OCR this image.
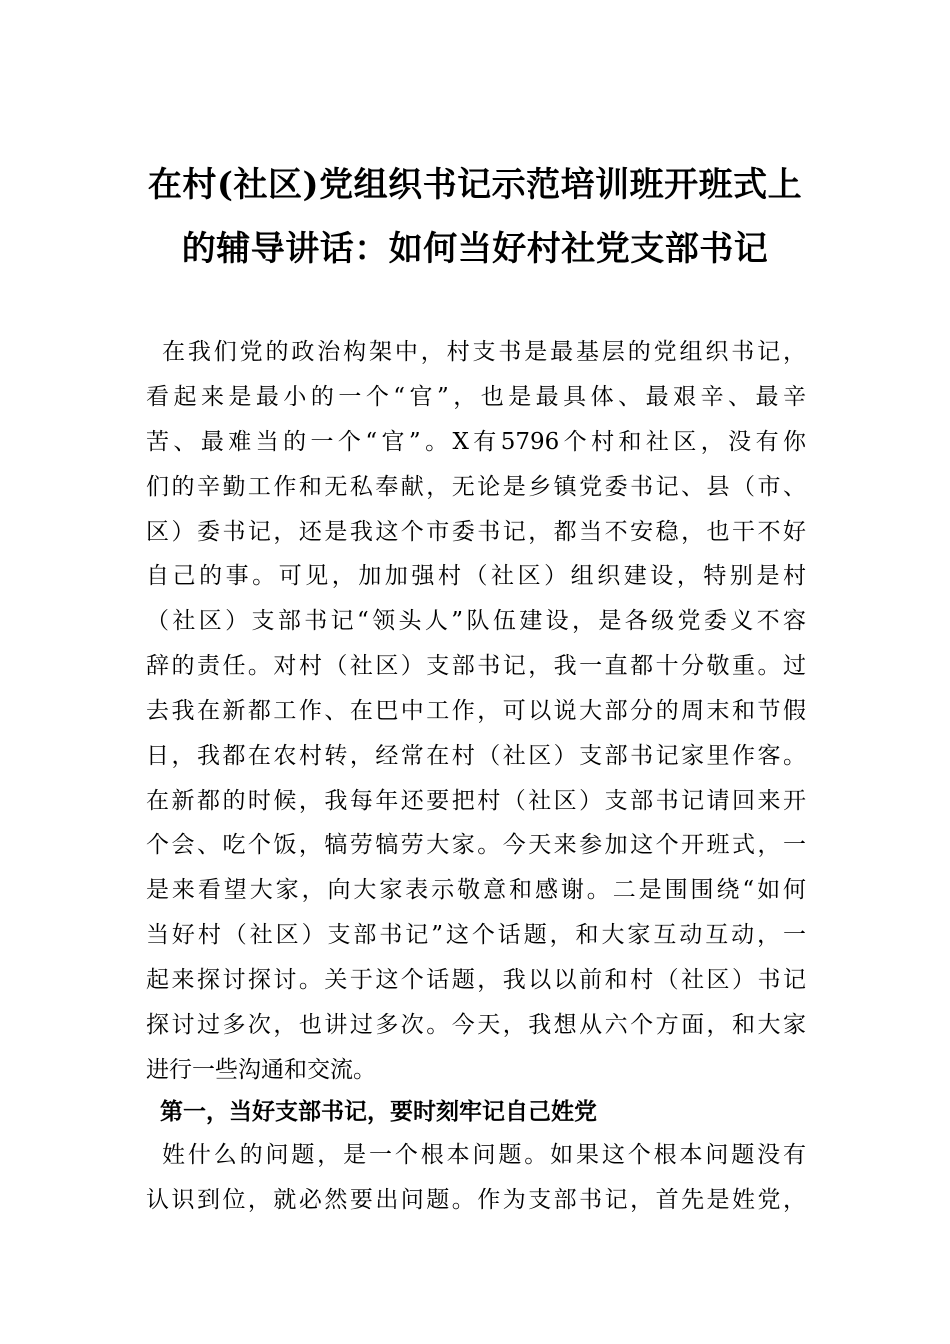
在村(社区)党组织书记示范培训班开班式上
的辅导讲话：如何当好村社党支部书记
在我们党的政治构架中，村支书是最基层的党组织书记，
看起来是最小的一个“官”，也是最具体、最艰辛、最辛
苦、最难当的一个“官”。X有5796个村和社区，没有你
们的辛勤工作和无私奉献，无论是乡镇党委书记、县（市、
区）委书记，还是我这个市委书记，都当不安稳，也干不好
自己的事。可见，加加强村（社区）组织建设，特别是村
（社区）支部书记“领头人”队伍建设，是各级党委义不容
辞的责任。对村（社区）支部书记，我一直都十分敬重。过
去我在新都工作、在巴中工作，可以说大部分的周末和节假
日，我都在农村转，经常在村（社区）支部书记家里作客。
在新都的时候，我每年还要把村（社区）支部书记请回来开
个会、吃个饭，犒劳犒劳大家。今天来参加这个开班式，一
是来看望大家，向大家表示敬意和感谢。二是围围绕“如何
当好村（社区）支部书记”这个话题，和大家互动互动，一
起来探讨探讨。关于这个话题，我以以前和村（社区）书记
探讨过多次，也讲过多次。今天，我想从六个方面，和大家
进行一些沟通和交流。
第一，当好支部书记，要时刻牢记自己姓党
姓什么的问题，是一个根本问题。如果这个根本问题没有
认识到位，就必然要出问题。作为支部书记，首先是姓党，
